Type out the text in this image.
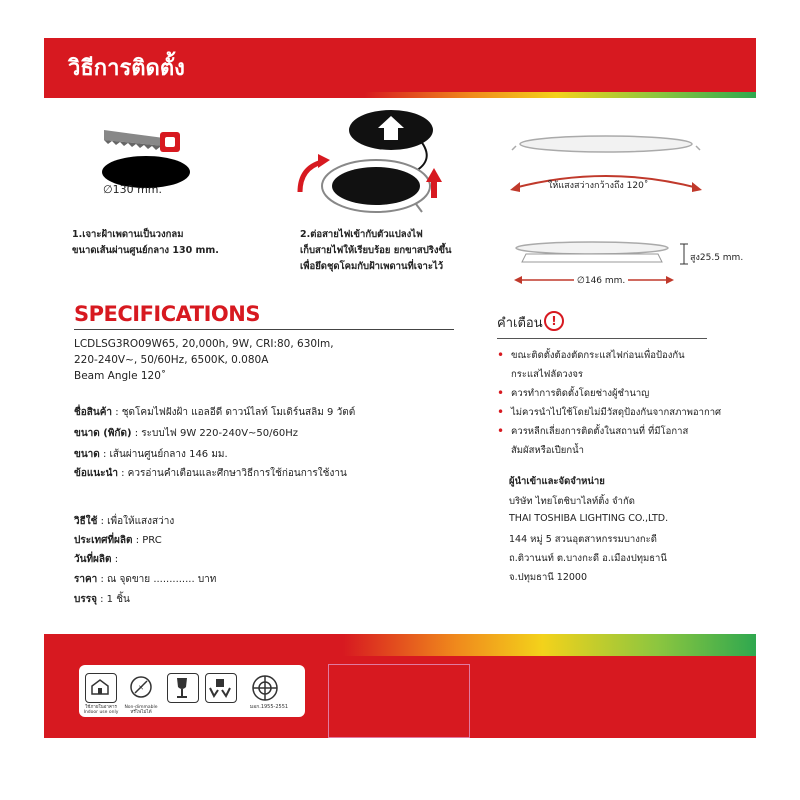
วิธีการติดตั้ง
∅130 mm.
1.เจาะฝ้าเพดานเป็นวงกลม
ขนาดเส้นผ่านศูนย์กลาง 130 mm.
2.ต่อสายไฟเข้ากับตัวแปลงไฟ
เก็บสายไฟให้เรียบร้อย ยกขาสปริงขึ้น
เพื่อยึดชุดโคมกับฝ้าเพดานที่เจาะไว้
ให้แสงสว่างกว้างถึง 120˚
สูง25.5 mm.
∅146 mm.
SPECIFICATIONS
LCDLSG3RO09W65, 20,000h, 9W, CRI:80, 630lm,
220-240V~, 50/60Hz, 6500K, 0.080A
Beam Angle 120˚
ชื่อสินค้า : ชุดโคมไฟฝังฝ้า แอลอีดี ดาวน์ไลท์ โมเดิร์นสลิม 9 วัตต์
ขนาด (พิกัด) : ระบบไฟ 9W 220-240V~50/60Hz
ขนาด : เส้นผ่านศูนย์กลาง 146 มม.
ข้อแนะนำ : ควรอ่านคำเตือนและศึกษาวิธีการใช้ก่อนการใช้งาน
วิธีใช้ : เพื่อให้แสงสว่าง
ประเทศที่ผลิต : PRC
วันที่ผลิต :
ราคา : ณ จุดขาย ............. บาท
บรรจุ : 1 ชิ้น
คำเตือน !
• ขณะติดตั้งต้องตัดกระแสไฟก่อนเพื่อป้องกัน
กระแสไฟลัดวงจร
• ควรทำการติดตั้งโดยช่างผู้ชำนาญ
• ไม่ควรนำไปใช้โดยไม่มีวัสดุป้องกันจากสภาพอากาศ
• ควรหลีกเลี่ยงการติดตั้งในสถานที่ ที่มีโอกาส
สัมผัสหรือเปียกน้ำ
ผู้นำเข้าและจัดจำหน่าย
บริษัท ไทยโตชิบาไลท์ติ้ง จำกัด
THAI TOSHIBA LIGHTING CO.,LTD.
144 หมู่ 5 สวนอุตสาหกรรมบางกะดี
ถ.ติวานนท์ ต.บางกะดี อ.เมืองปทุมธานี
จ.ปทุมธานี 12000
ใช้ภายในอาคาร Indoor use only
✕
Non-dimmable หรี่ไฟไม่ได้
มอก.1955-2551
